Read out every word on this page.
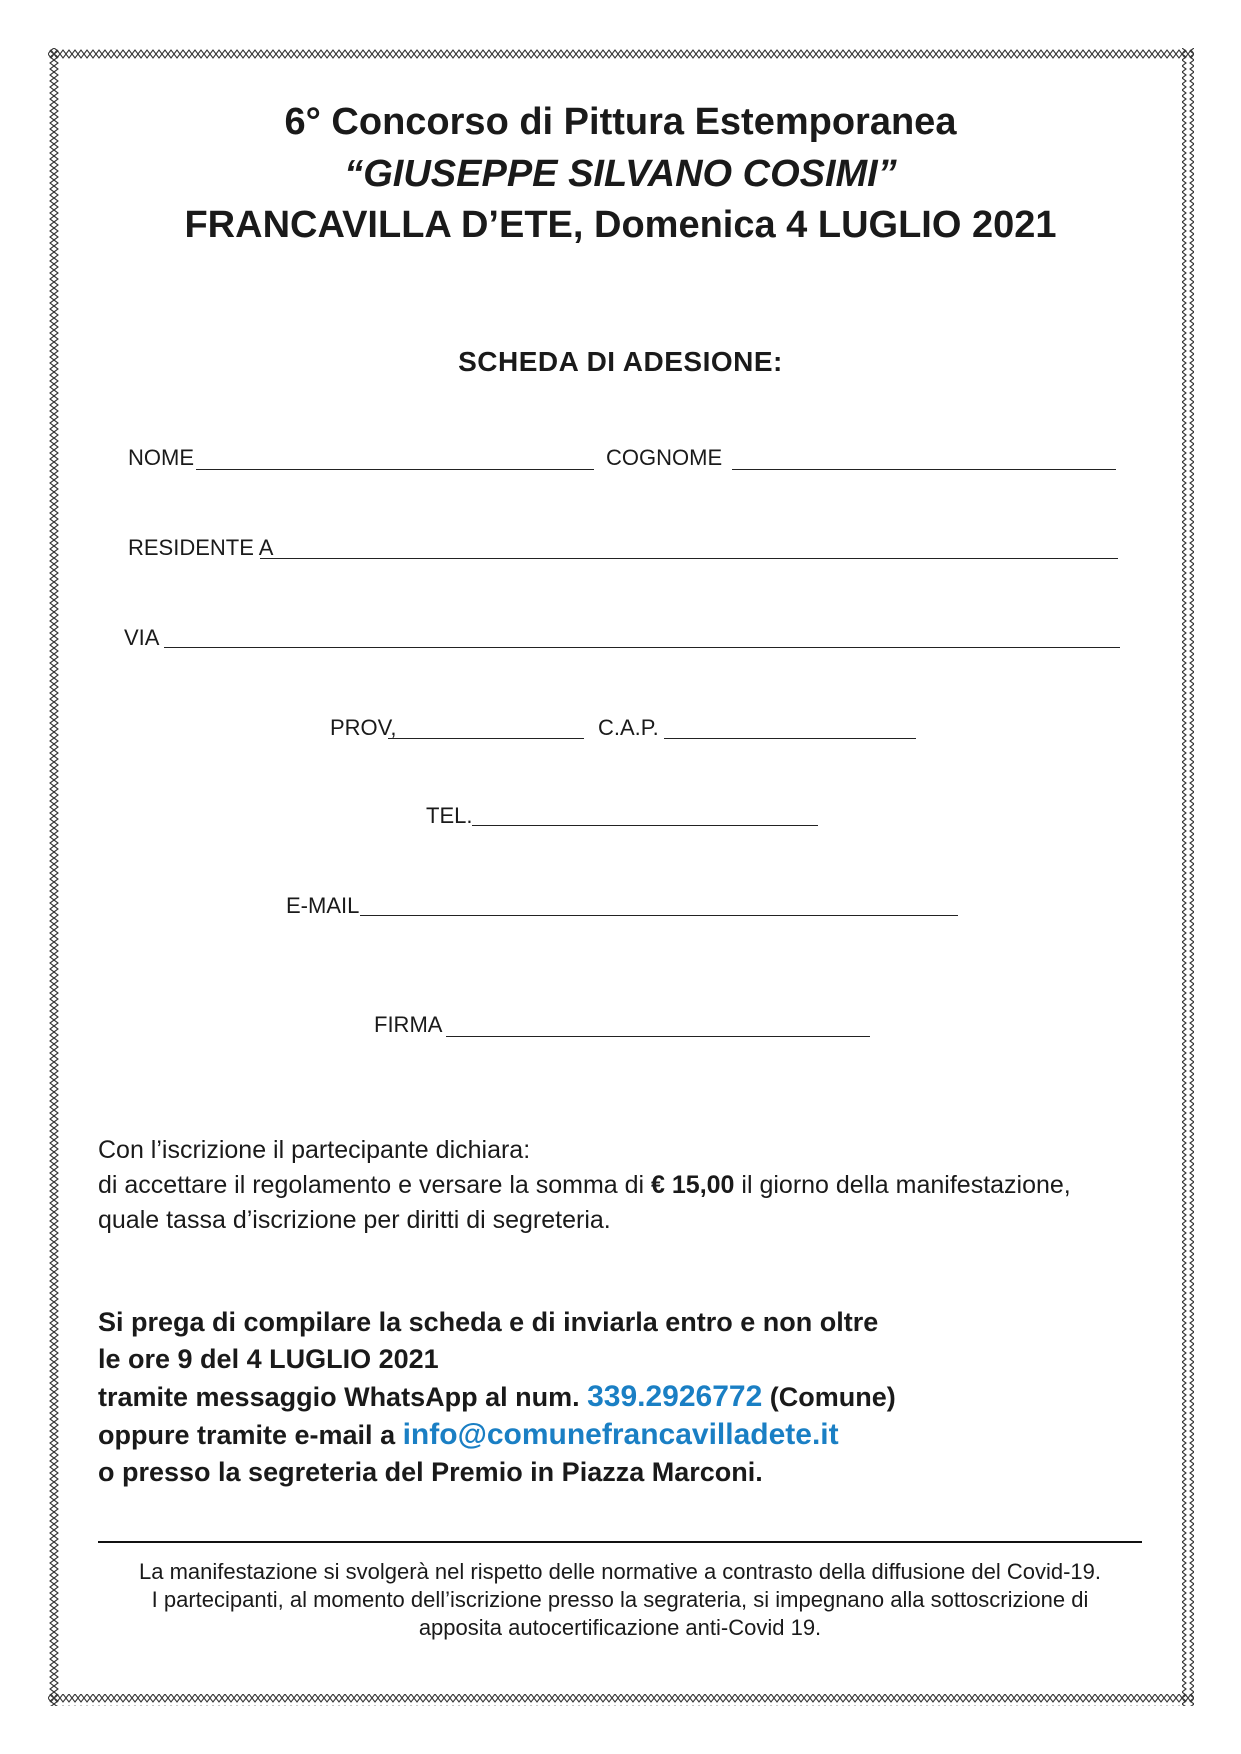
6° Concorso di Pittura Estemporanea
“GIUSEPPE SILVANO COSIMI”
FRANCAVILLA D’ETE, Domenica 4 LUGLIO 2021
SCHEDA DI ADESIONE:
NOME	COGNOME
RESIDENTE A
VIA
PROV,	C.A.P.
TEL.
E-MAIL
FIRMA
Con l’iscrizione il partecipante dichiara:
di accettare il regolamento e versare la somma di € 15,00 il giorno della manifestazione,
quale tassa d’iscrizione per diritti di segreteria.
Si prega di compilare la scheda e di inviarla entro e non oltre
le ore 9 del 4 LUGLIO 2021
tramite messaggio WhatsApp al num. 339.2926772 (Comune)
oppure tramite e-mail a info@comunefrancavilladete.it
o presso la segreteria del Premio in Piazza Marconi.
La manifestazione si svolgerà nel rispetto delle normative a contrasto della diffusione del Covid-19.
I partecipanti, al momento dell’iscrizione presso la segrateria, si impegnano alla sottoscrizione di
apposita autocertificazione anti-Covid 19.
